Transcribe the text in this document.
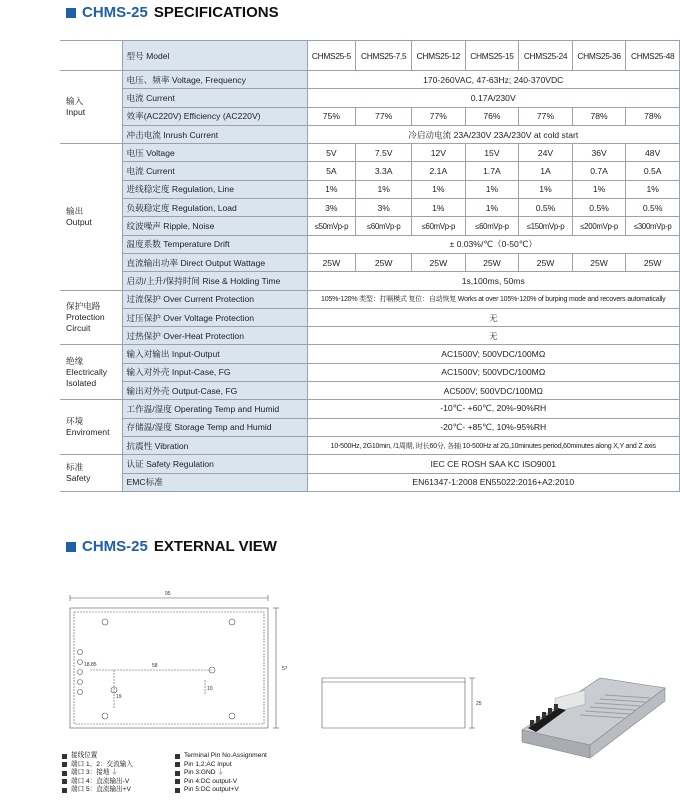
CHMS-25 SPECIFICATIONS
	型号 Model	CHMS25-5	CHMS25-7.5	CHMS25-12	CHMS25-15	CHMS25-24	CHMS25-36	CHMS25-48

输入
Input	电压、频率 Voltage, Frequency	170-260VAC, 47-63Hz; 240-370VDC						
	电流 Current	0.17A/230V						
	效率(AC220V) Efficiency (AC220V)	75%	77%	77%	76%	77%	78%	78%
	冲击电流 Inrush Current	冷启动电流 23A/230V 23A/230V at cold start						

输出
Output	电压 Voltage	5V	7.5V	12V	15V	24V	36V	48V
	电流 Current	5A	3.3A	2.1A	1.7A	1A	0.7A	0.5A
	进线稳定度 Regulation, Line	1%	1%	1%	1%	1%	1%	1%
	负载稳定度 Regulation, Load	3%	3%	1%	1%	0.5%	0.5%	0.5%
	纹波噪声 Ripple, Noise	≤50mVp-p	≤60mVp-p	≤60mVp-p	≤60mVp-p	≤150mVp-p	≤200mVp-p	≤300mVp-p
	温度系数 Temperature Drift	± 0.03%/℃（0-50℃）						
	直流输出功率 Direct Output Wattage	25W	25W	25W	25W	25W	25W	25W
	启动/上升/保持时间 Rise & Holding Time	1s,100ms, 50ms						

保护电路
Protection
Circuit	过流保护 Over Current Protection	105%-120% 类型：打嗝模式 复位：自动恢复 Works at over 105%-120% of burping mode and recovers automatically						
	过压保护 Over Voltage Protection	无						
	过热保护 Over-Heat Protection	无						

绝缘
Electrically
Isolated	输入对输出 Input-Output	AC1500V; 500VDC/100MΩ						
	输入对外壳 Input-Case, FG	AC1500V; 500VDC/100MΩ						
	输出对外壳 Output-Case, FG	AC500V; 500VDC/100MΩ						

环境
Enviroment	工作温/湿度 Operating Temp and Humid	-10℃- +60℃, 20%-90%RH						
	存储温/湿度 Storage Temp and Humid	-20℃- +85℃, 10%-95%RH						
	抗震性 Vibration	10-500Hz, 2G10min, /1周期, 时长60分, 各轴 10-500Hz at 2G,10minutes period,60minutes along X,Y and Z axis						

标准
Safety	认证 Safety Regulation	IEC CE ROSH SAA KC ISO9001						
	EMC标准	EN61347-1:2008 EN55022:2016+A2:2010						
CHMS-25 EXTERNAL VIEW
95
57
58
18.85
19
10
25
接线位置
端口 1、2：交流输入
端口 3：接地 ⏚
端口 4：直流输出-V
端口 5：直流输出+V
Terminal Pin No.Assignment
Pin 1,2:AC input
Pin 3:GND ⏚
Pin 4:DC output-V
Pin 5:DC output+V
